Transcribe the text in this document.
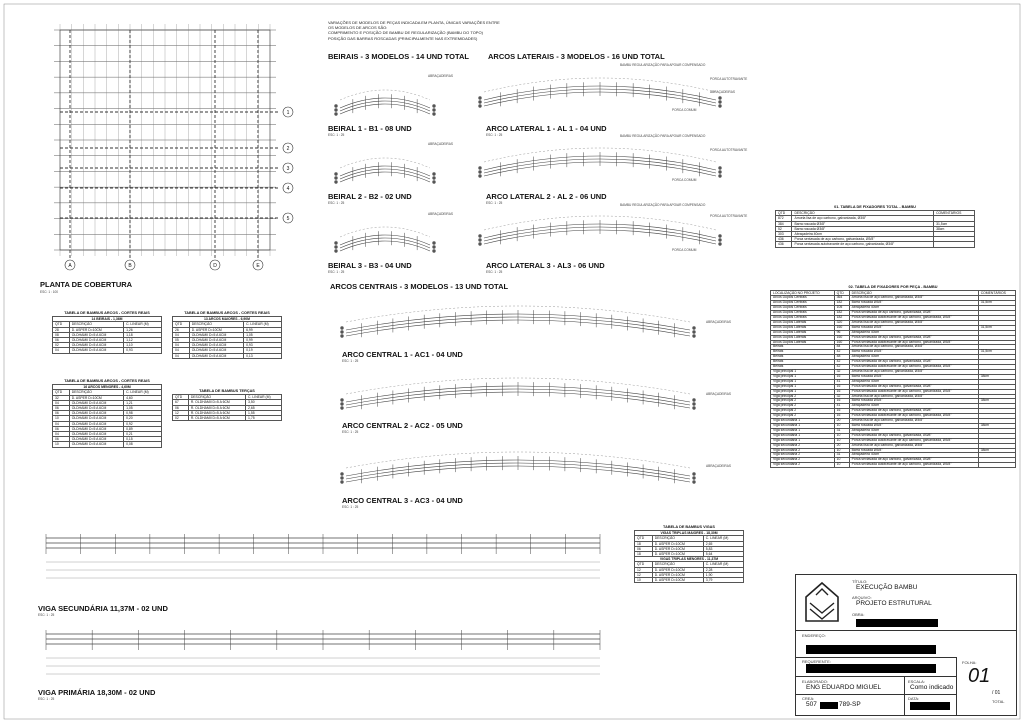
A	B	D	E
1
2
3
4
5
VARIAÇÕES DE MODELOS DE PEÇAS INDICADA EM PLANTA, ÚNICAS VARIAÇÕES ENTRE
OS MODELOS DE ARCOS SÃO:
COMPRIMENTO E POSIÇÃO DE BAMBU DE REGULARIZAÇÃO (BAMBU DO TOPO)
POSIÇÃO DAS BARRAS ROSCADAS (PRINCIPALMENTE NAS EXTREMIDADES)
PLANTA DE COBERTURA
ESC: 1 : 100
BEIRAIS - 3 MODELOS - 14 UND TOTAL	ARCOS LATERAIS - 3 MODELOS - 16 UND TOTAL
ARCOS CENTRAIS - 3 MODELOS - 13 UND TOTAL
BEIRAL 1 - B1 - 08 UND
ESC: 1 : 25
BEIRAL 2 - B2 - 02 UND
ESC: 1 : 25
BEIRAL 3 - B3 - 04 UND
ESC: 1 : 25
ARCO LATERAL 1 - AL 1 - 04 UND
ESC: 1 : 25
ARCO LATERAL 2 - AL 2 - 06 UND
ESC: 1 : 25
ARCO LATERAL 3 - AL3 - 06 UND
ESC: 1 : 25
ARCO CENTRAL 1 - AC1 - 04 UND
ESC: 1 : 25
ARCO CENTRAL 2 - AC2 - 05 UND
ESC: 1 : 25
ARCO CENTRAL 3 - AC3 - 04 UND
ESC: 1 : 25
VIGA SECUNDÁRIA 11,37M - 02 UND
ESC: 1 : 25
VIGA PRIMÁRIA 18,30M - 02 UND
ESC: 1 : 25
ABRAÇADEIRAS
ABRAÇADEIRAS
ABRAÇADEIRAS
ABRAÇADEIRAS
PORCA AUTOTRAVANTE
PORCA COMUM
BAMBU REGULARIZAÇÃO PARA APOIAR COMPENSADO
PORCA AUTOTRAVANTE
PORCA COMUM
BAMBU REGULARIZAÇÃO PARA APOIAR COMPENSADO
PORCA AUTOTRAVANTE
PORCA COMUM
BAMBU REGULARIZAÇÃO PARA APOIAR COMPENSADO
ABRAÇADEIRAS
ABRAÇADEIRAS
ABRAÇADEIRAS
TABELA DE BAMBUS ARCOS - CORTES REAIS
14 BEIRAIS - 1,36M		
QTD	DESCRIÇÃO	C. LINEAR (M)
28	D. ASPER D=10CM	1,26
08	OLDHAMII D=5 A 6CM	1,18
06	OLDHAMII D=5 A 6CM	1,12
02	OLDHAMII D=5 A 6CM	1,10
04	OLDHAMII D=5 A 6CM	0,93
TABELA DE BAMBUS ARCOS - CORTES REAIS
13 ARCOS MAIORES - 6,90M		
QTD	DESCRIÇÃO	C. LINEAR (M)
26	D. ASPER D=10CM	6,99
04	OLDHAMII D=5 A 6CM	1,05
05	OLDHAMII D=5 A 6CM	0,99
04	OLDHAMII D=5 A 6CM	0,93
04	OLDHAMII D=5 A 6CM	0,19
04	OLDHAMII D=5 A 6CM	0,13
TABELA DE BAMBUS ARCOS - CORTES REAIS
16 ARCOS MENORES - 4,60M		
QTD	DESCRIÇÃO	C. LINEAR (M)
32	D. ASPER D=10CM	4,60
04	OLDHAMII D=5 A 6CM	1,21
06	OLDHAMII D=5 A 6CM	1,05
06	OLDHAMII D=5 A 6CM	0,98
10	OLDHAMII D=5 A 6CM	0,20
04	OLDHAMII D=5 A 6CM	0,92
06	OLDHAMII D=5 A 6CM	0,89
04	OLDHAMII D=5 A 6CM	0,21
06	OLDHAMII D=5 A 6CM	0,15
10	OLDHAMII D=5 A 6CM	0,08
TABELA DE BAMBUS TERÇAS
QTD	DESCRIÇÃO	C. LINEAR (M)
67	R. OLDHAMII D=5 A 6CM	3,50
06	R. OLDHAMII D=5 A 6CM	2,65
12	R. OLDHAMII D=5 A 6CM	1,55
02	R. OLDHAMII D=5 A 6CM	1,75
TABELA DE BAMBUS VIGAS
VIGAS TRIPLAS MAIORES - 18,30M		
QTD	DESCRIÇÃO	C. LINEAR (M)
18	D. ASPER D=10CM	2,65
06	D. ASPER D=10CM	5,83
18	D. ASPER D=10CM	5,64
VIGAS TRIPLAS MENORES - 11,37M		
QTD	DESCRIÇÃO	C. LINEAR (M)
12	D. ASPER D=10CM	2,28
12	D. ASPER D=10CM	1,90
10	D. ASPER D=10CM	3,79
01. TABELA DE FIXADORES TOTAL - BAMBU
QTD	DESCRIÇÃO	COMENTÁRIOS
872	Arruela lisa de aço carbono, galvanizada, Ø3/8"	
384	Barra roscada Ø3/8"	31,5cm
52	Barra roscada Ø3/8"	38cm
303	Abraçadeira 40cm	
436	Porca sextavada de aço carbono, galvanizada, Ø3/8"	
436	Porca sextavada autotravante de aço carbono, galvanizada, Ø3/8"	
02. TABELA DE FIXADORES POR PEÇA - BAMBU
LOCALIZAÇÃO NO PROJETO	QTD	DESCRIÇÃO	COMENTÁRIOS
Arcos Duplos Centrais	364	Arruela lisa de aço carbono, galvanizada, Ø3/8"	
Arcos Duplos Centrais	182	Barra roscada Ø3/8"	31,5cm
Arcos Duplos Centrais	105	Abraçadeira 40cm	
Arcos Duplos Centrais	182	Porca sextavada de aço carbono, galvanizada, Ø3/8"	
Arcos Duplos Centrais	182	Porca sextavada autotravante de aço carbono, galvanizada, Ø3/8"	
Arcos Duplos Laterais	320	Arruela lisa de aço carbono, galvanizada, Ø3/8"	
Arcos Duplos Laterais	160	Barra roscada Ø3/8"	31,5cm
Arcos Duplos Laterais	96	Abraçadeira 40cm	
Arcos Duplos Laterais	160	Porca sextavada de aço carbono, galvanizada, Ø3/8"	
Arcos Duplos Laterais	160	Porca sextavada autotravante de aço carbono, galvanizada, Ø3/8"	
Beirais	84	Arruela lisa de aço carbono, galvanizada, Ø3/8"	
Beirais	42	Barra roscada Ø3/8"	31,5cm
Beirais	48	Abraçadeira 40cm	
Beirais	42	Porca sextavada de aço carbono, galvanizada, Ø3/8"	
Beirais	42	Porca sextavada autotravante de aço carbono, galvanizada, Ø3/8"	
Viga principal 1	32	Arruela lisa de aço carbono, galvanizada, Ø3/8"	
Viga principal 1	16	Barra roscada Ø3/8"	38cm
Viga principal 1	41	Abraçadeira 40cm	
Viga principal 1	16	Porca sextavada de aço carbono, galvanizada, Ø3/8"	
Viga principal 1	16	Porca sextavada autotravante de aço carbono, galvanizada, Ø3/8"	
Viga principal 2	32	Arruela lisa de aço carbono, galvanizada, Ø3/8"	
Viga principal 2	16	Barra roscada Ø3/8"	38cm
Viga principal 2	41	Abraçadeira 40cm	
Viga principal 2	16	Porca sextavada de aço carbono, galvanizada, Ø3/8"	
Viga principal 2	16	Porca sextavada autotravante de aço carbono, galvanizada, Ø3/8"	
Viga secundária 1	20	Arruela lisa de aço carbono, galvanizada, Ø3/8"	
Viga secundária 1	10	Barra roscada Ø3/8"	38cm
Viga secundária 1	31	Abraçadeira 40cm	
Viga secundária 1	10	Porca sextavada de aço carbono, galvanizada, Ø3/8"	
Viga secundária 1	10	Porca sextavada autotravante de aço carbono, galvanizada, Ø3/8"	
Viga secundária 2	20	Arruela lisa de aço carbono, galvanizada, Ø3/8"	
Viga secundária 2	10	Barra roscada Ø3/8"	38cm
Viga secundária 2	31	Abraçadeira 40cm	
Viga secundária 2	10	Porca sextavada de aço carbono, galvanizada, Ø3/8"	
Viga secundária 2	10	Porca sextavada autotravante de aço carbono, galvanizada, Ø3/8"	
TÍTULO:
EXECUÇÃO BAMBU
ARQUIVO:
PROJETO ESTRUTURAL
OBRA:
ENDEREÇO:
REQUERENTE:
ELABORADO:
ENG EDUARDO MIGUEL
ESCALA:
Como indicado
CREA:
507	789-SP
DATA:
FOLHA:
01
/ 01
TOTAL
